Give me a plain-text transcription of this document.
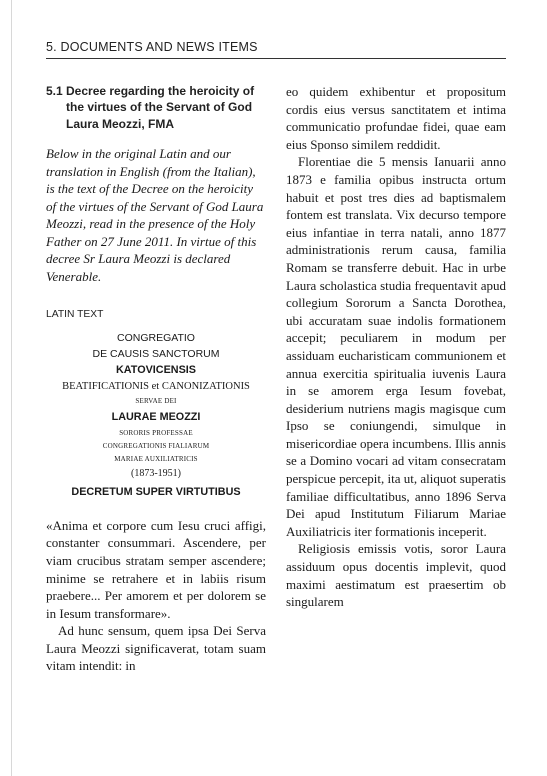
5. DOCUMENTS AND NEWS ITEMS

5.1 Decree regarding the heroicity of the virtues of the Servant of God Laura Meozzi, FMA

Below in the original Latin and our translation in English (from the Italian), is the text of the Decree on the heroicity of the virtues of the Servant of God Laura Meozzi, read in the presence of the Holy Father on 27 June 2011. In virtue of this decree Sr Laura Meozzi is declared Venerable.

LATIN TEXT

CONGREGATIO

DE CAUSIS SANCTORUM

KATOVICENSIS

BEATIFICATIONIS et CANONIZATIONIS

SERVAE DEI

LAURAE MEOZZI

SORORIS PROFESSAE

CONGREGATIONIS FIALIARUM

MARIAE AUXILIATRICIS

(1873-1951)

DECRETUM SUPER VIRTUTIBUS

«Anima et corpore cum Iesu cruci affigi, constanter consummari. Ascendere, per viam crucibus stratam semper ascendere; minime se retrahere et in labiis risum praebere... Per amorem et per dolorem se in Iesum transformare».

Ad hunc sensum, quem ipsa Dei Serva Laura Meozzi significaverat, totam suam vitam intendit: in

eo quidem exhibentur et propositum cordis eius versus sanctitatem et intima communicatio profundae fidei, quae eam eius Sponso similem reddidit.

Florentiae die 5 mensis Ianuarii anno 1873 e familia opibus instructa ortum habuit et post tres dies ad baptismalem fontem est translata. Vix decurso tempore eius infantiae in terra natali, anno 1877 administrationis rerum causa, familia Romam se transferre debuit. Hac in urbe Laura scholastica studia frequentavit apud collegium Sororum a Sancta Dorothea, ubi accuratam suae indolis formationem accepit; peculiarem in modum per assiduam eucharisticam communionem et annua exercitia spiritualia iuvenis Laura in se amorem erga Iesum fovebat, desiderium nutriens magis magisque cum Ipso se coniungendi, simulque in misericordiae opera incumbens. Illis annis se a Domino vocari ad vitam consecratam perspicue percepit, ita ut, aliquot superatis familiae difficultatibus, anno 1896 Serva Dei apud Institutum Filiarum Mariae Auxiliatricis iter formationis inceperit.

Religiosis emissis votis, soror Laura assiduum opus docentis implevit, quod maximi aestimatum est praesertim ob singularem
